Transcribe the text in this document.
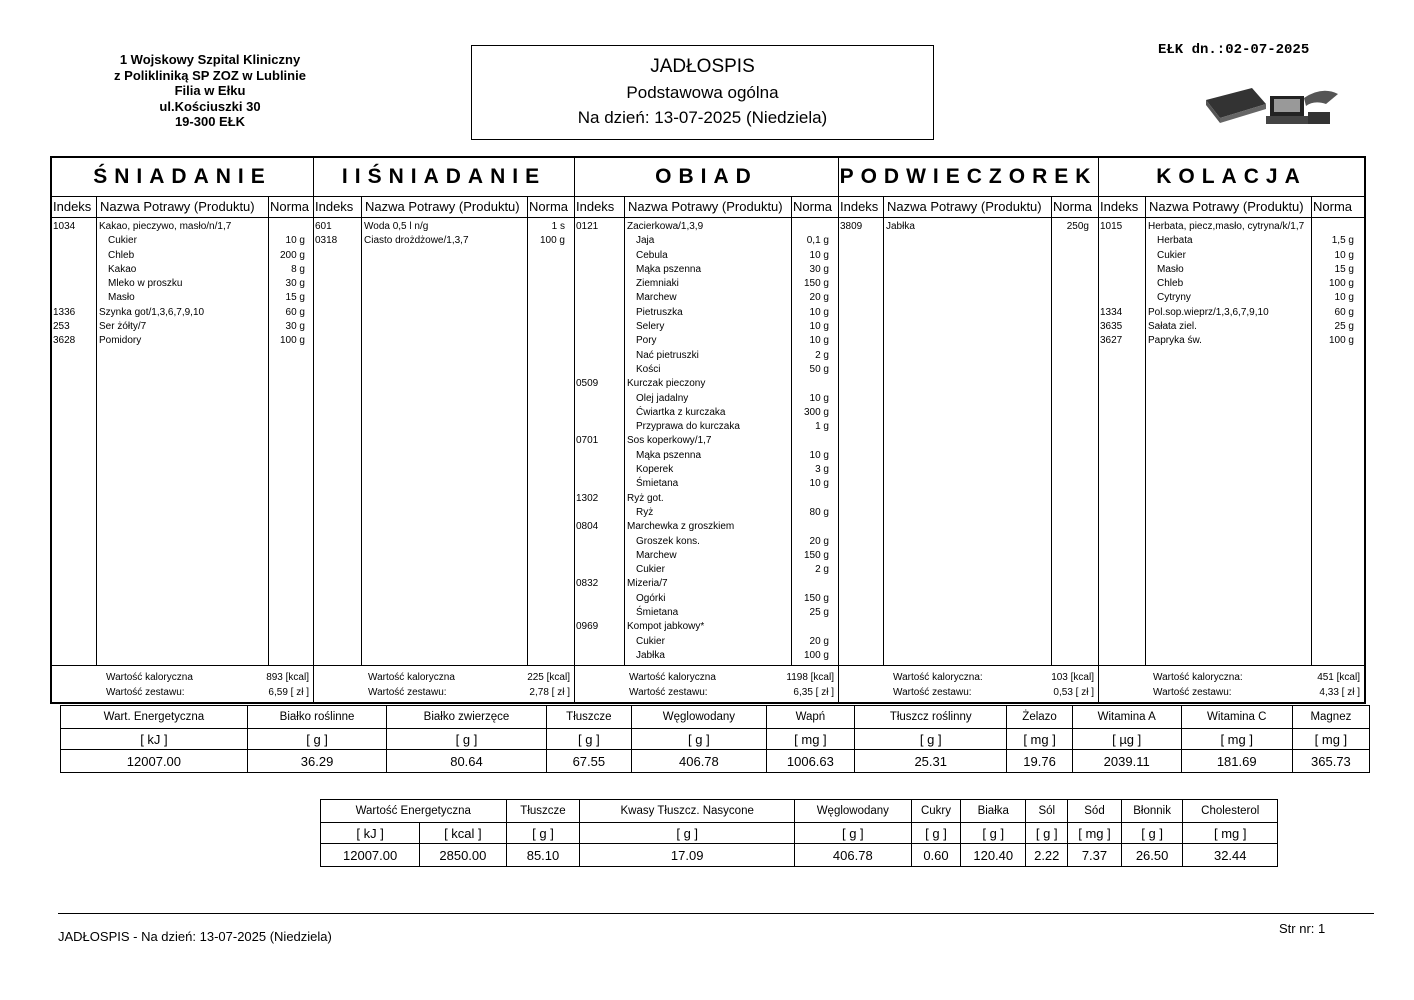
1 Wojskowy Szpital Kliniczny
z Polikliniką SP ZOZ w Lublinie
Filia w Ełku
ul.Kościuszki 30
19-300 EŁK
JADŁOSPIS
Podstawowa ogólna
Na dzień: 13-07-2025 (Niedziela)
EŁK dn.:02-07-2025
ŚNIADANIE
Indeks Nazwa Potrawy (Produktu) Norma
1034 Kakao, pieczywo, masło/n/1,7
Cukier	10 g
Chleb	200 g
Kakao	8 g
Mleko w proszku	30 g
Masło	15 g
1336 Szynka got/1,3,6,7,9,10	60 g
253	Ser żółty/7	30 g
3628 Pomidory	100 g
Wartość kaloryczna	893 [kcal]
Wartość zestawu:	6,59 [ zł ]
IIŚNIADANIE
Indeks Nazwa Potrawy (Produktu) Norma
601	Woda 0,5 l n/g	1 s
0318	Ciasto drożdżowe/1,3,7	100 g
Wartość kaloryczna	225 [kcal]
Wartość zestawu:	2,78 [ zł ]
OBIAD
Indeks Nazwa Potrawy (Produktu) Norma
0121	Zacierkowa/1,3,9
Jaja	0,1 g
Cebula	10 g
Mąka pszenna	30 g
Ziemniaki	150 g
Marchew	20 g
Pietruszka	10 g
Selery	10 g
Pory	10 g
Nać pietruszki	2 g
Kości	50 g
0509	Kurczak pieczony
Olej jadalny	10 g
Ćwiartka z kurczaka	300 g
Przyprawa do kurczaka	1 g
0701	Sos koperkowy/1,7
Mąka pszenna	10 g
Koperek	3 g
Śmietana	10 g
1302	Ryż got.
Ryż	80 g
0804	Marchewka z groszkiem
Groszek kons.	20 g
Marchew	150 g
Cukier	2 g
0832	Mizeria/7
Ogórki	150 g
Śmietana	25 g
0969	Kompot jabkowy*
Cukier	20 g
Jabłka	100 g
Wartość kaloryczna	1198 [kcal]
Wartość zestawu:	6,35 [ zł ]
PODWIECZOREK
Indeks Nazwa Potrawy (Produktu) Norma
3809 Jabłka	250g
Wartość kaloryczna:	103 [kcal]
Wartość zestawu:	0,53 [ zł ]
KOLACJA
Indeks Nazwa Potrawy (Produktu) Norma
1015	Herbata, piecz,masło, cytryna/k/1,7
Herbata	1,5 g
Cukier	10 g
Masło	15 g
Chleb	100 g
Cytryny	10 g
1334	Pol.sop.wieprz/1,3,6,7,9,10	60 g
3635	Sałata ziel.	25 g
3627	Papryka św.	100 g
Wartość kaloryczna:	451 [kcal]
Wartość zestawu:	4,33 [ zł ]
Wart. Energetyczna	Białko roślinne	Białko zwierzęce	Tłuszcze	Węglowodany	Wapń	Tłuszcz roślinny	Żelazo	Witamina A	Witamina C	Magnez
[ kJ ]	[ g ]	[ g ]	[ g ]	[ g ]	[ mg ]	[ g ]	[ mg ]	[ µg ]	[ mg ]	[ mg ]
12007.00	36.29	80.64	67.55	406.78	1006.63	25.31	19.76	2039.11	181.69	365.73
Wartość Energetyczna		Tłuszcze	Kwasy Tłuszcz. Nasycone	Węglowodany	Cukry	Białka	Sól	Sód	Błonnik	Cholesterol
[ kJ ]	[ kcal ]	[ g ]	[ g ]	[ g ]	[ g ]	[ g ]	[ g ]	[ mg ]	[ g ]	[ mg ]
12007.00	2850.00	85.10	17.09	406.78	0.60	120.40	2.22	7.37	26.50	32.44
JADŁOSPIS - Na dzień: 13-07-2025 (Niedziela)
Str nr: 1
